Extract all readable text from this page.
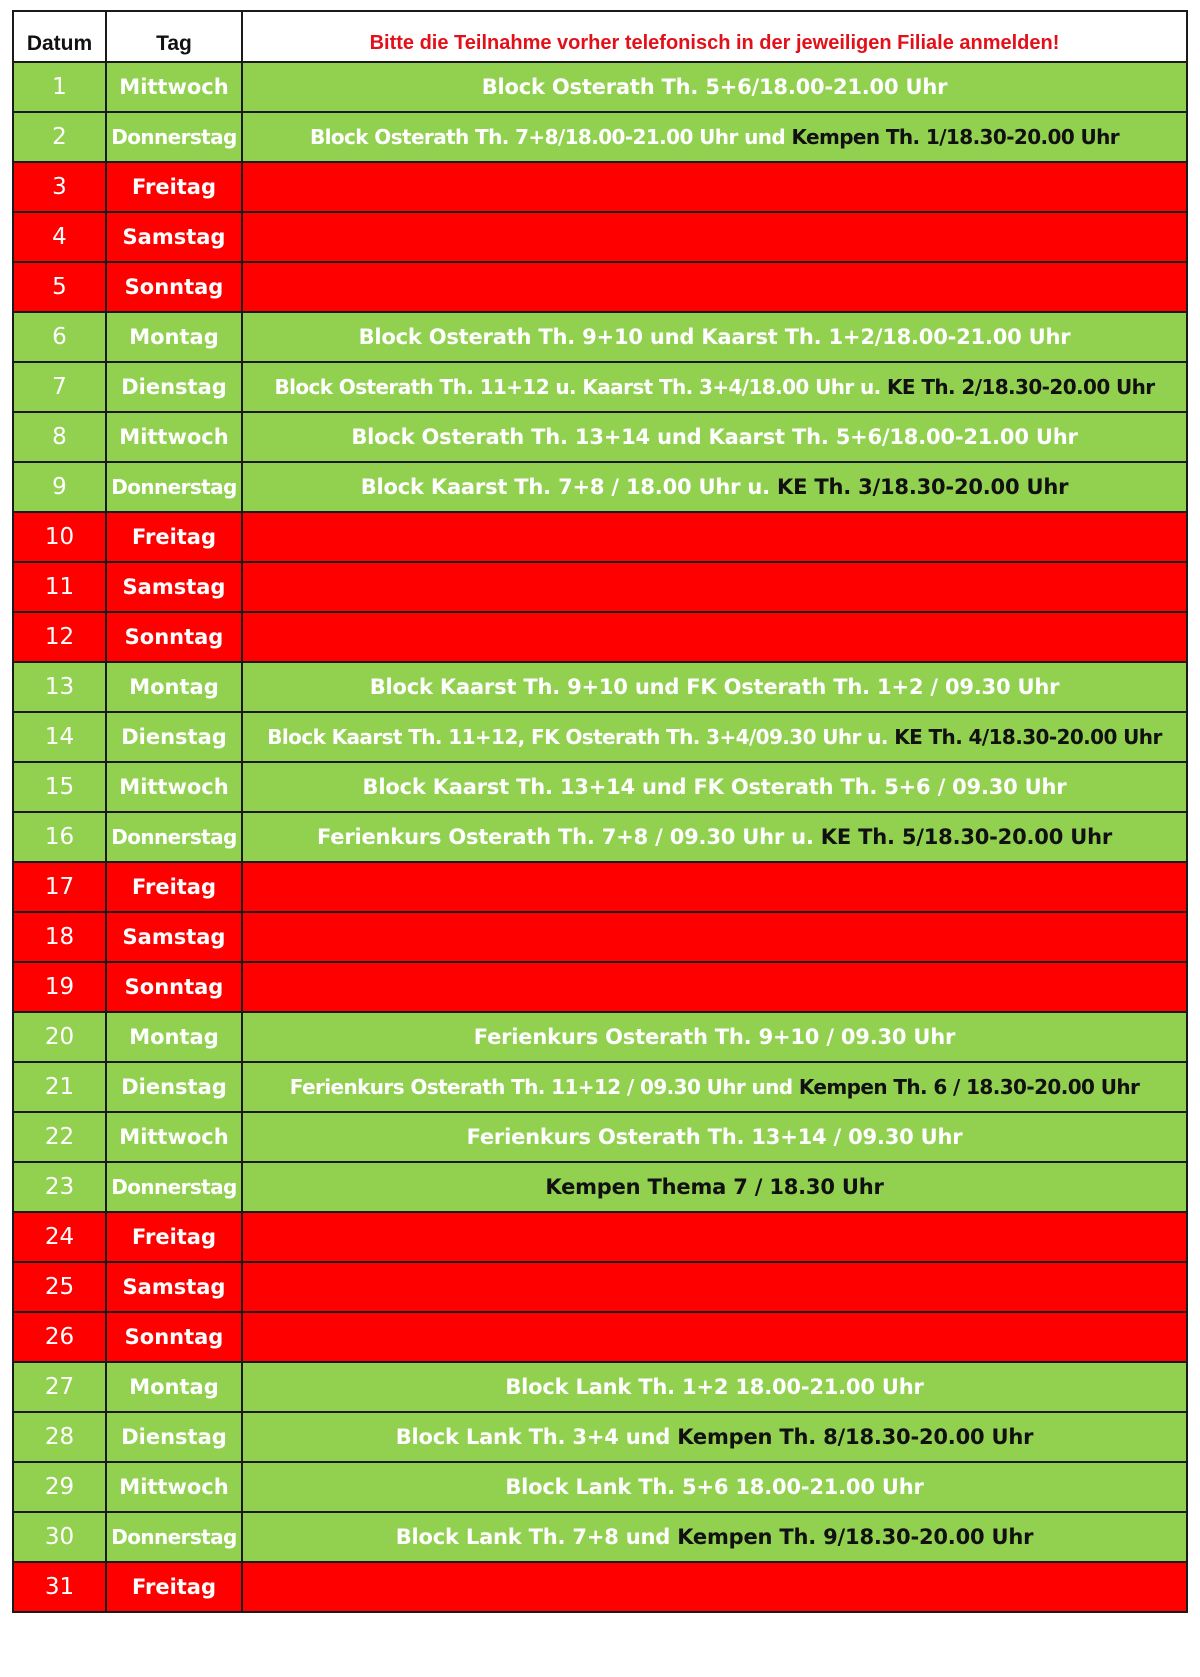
Datum	Tag	Bitte die Teilnahme vorher telefonisch in der jeweiligen Filiale anmelden!
1	Mittwoch	Block Osterath Th. 5+6/18.00-21.00 Uhr
2	Donnerstag	Block Osterath Th. 7+8/18.00-21.00 Uhr und Kempen Th. 1/18.30-20.00 Uhr
3	Freitag	
4	Samstag	
5	Sonntag	
6	Montag	Block Osterath Th. 9+10 und Kaarst Th. 1+2/18.00-21.00 Uhr
7	Dienstag	Block Osterath Th. 11+12 u. Kaarst Th. 3+4/18.00 Uhr u. KE Th. 2/18.30-20.00 Uhr
8	Mittwoch	Block Osterath Th. 13+14 und Kaarst Th. 5+6/18.00-21.00 Uhr
9	Donnerstag	Block Kaarst Th. 7+8 / 18.00 Uhr u. KE Th. 3/18.30-20.00 Uhr
10	Freitag	
11	Samstag	
12	Sonntag	
13	Montag	Block Kaarst Th. 9+10 und FK Osterath Th. 1+2 / 09.30 Uhr
14	Dienstag	Block Kaarst Th. 11+12, FK Osterath Th. 3+4/09.30 Uhr u. KE Th. 4/18.30-20.00 Uhr
15	Mittwoch	Block Kaarst Th. 13+14 und FK Osterath Th. 5+6 / 09.30 Uhr
16	Donnerstag	Ferienkurs Osterath Th. 7+8 / 09.30 Uhr u. KE Th. 5/18.30-20.00 Uhr
17	Freitag	
18	Samstag	
19	Sonntag	
20	Montag	Ferienkurs Osterath Th. 9+10 / 09.30 Uhr
21	Dienstag	Ferienkurs Osterath Th. 11+12 / 09.30 Uhr und Kempen Th. 6 / 18.30-20.00 Uhr
22	Mittwoch	Ferienkurs Osterath Th. 13+14 / 09.30 Uhr
23	Donnerstag	Kempen Thema 7 / 18.30 Uhr
24	Freitag	
25	Samstag	
26	Sonntag	
27	Montag	Block Lank Th. 1+2 18.00-21.00 Uhr
28	Dienstag	Block Lank Th. 3+4 und Kempen Th. 8/18.30-20.00 Uhr
29	Mittwoch	Block Lank Th. 5+6 18.00-21.00 Uhr
30	Donnerstag	Block Lank Th. 7+8 und Kempen Th. 9/18.30-20.00 Uhr
31	Freitag	
